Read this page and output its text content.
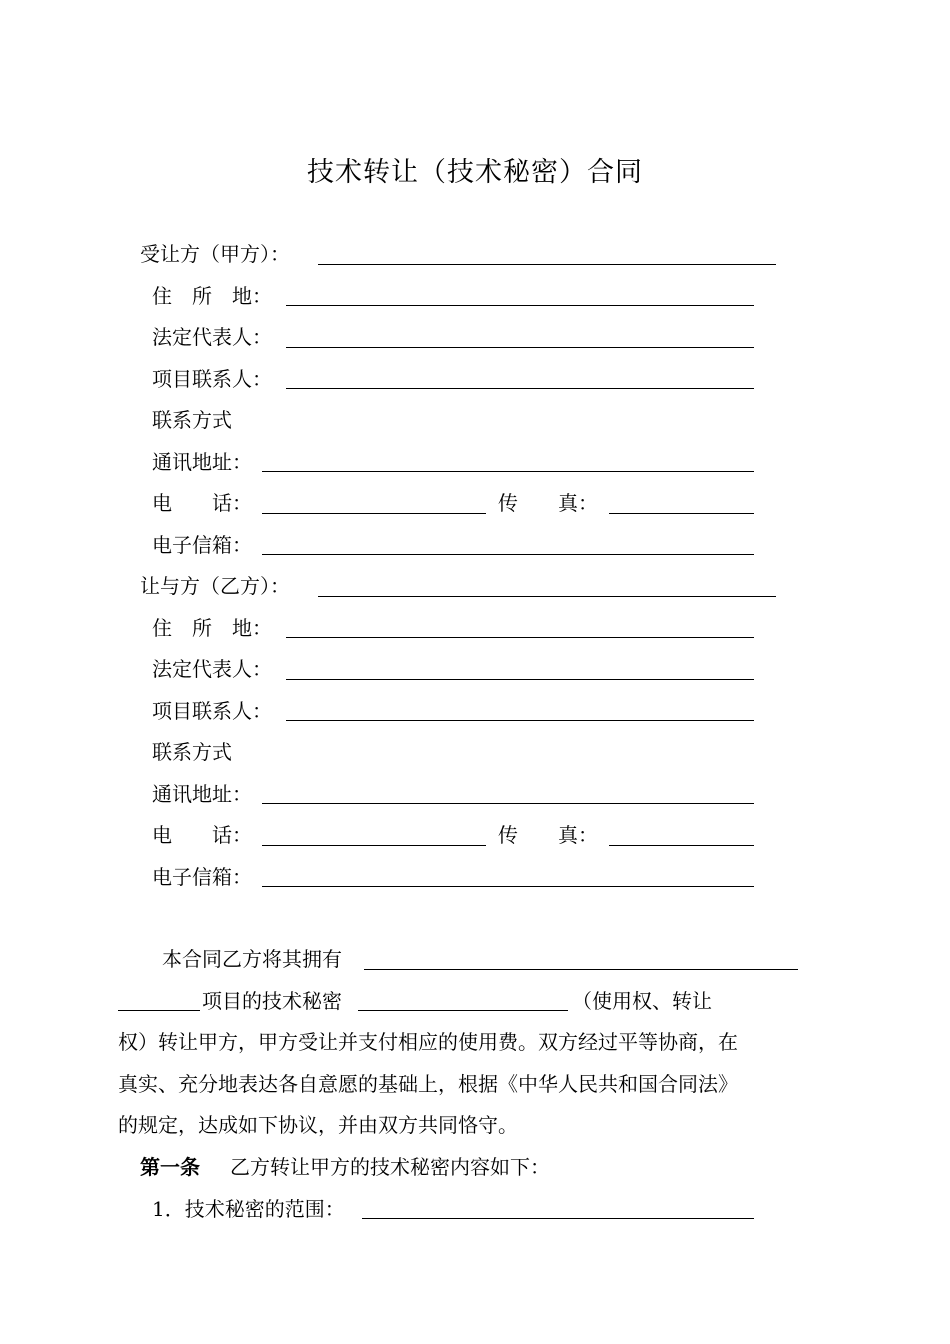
技术转让（技术秘密）合同
受让方（甲方）：
住　所　地：
法定代表人：
项目联系人：
联系方式
通讯地址：
电　　话：	传　　真：
电子信箱：
让与方（乙方）：
住　所　地：
法定代表人：
项目联系人：
联系方式
通讯地址：
电　　话：	传　　真：
电子信箱：
本合同乙方将其拥有
项目的技术秘密	（使用权、转让
权）转让甲方，甲方受让并支付相应的使用费。双方经过平等协商，在
真实、充分地表达各自意愿的基础上，根据《中华人民共和国合同法》
的规定，达成如下协议，并由双方共同恪守。
第一条 乙方转让甲方的技术秘密内容如下：
1．技术秘密的范围：
